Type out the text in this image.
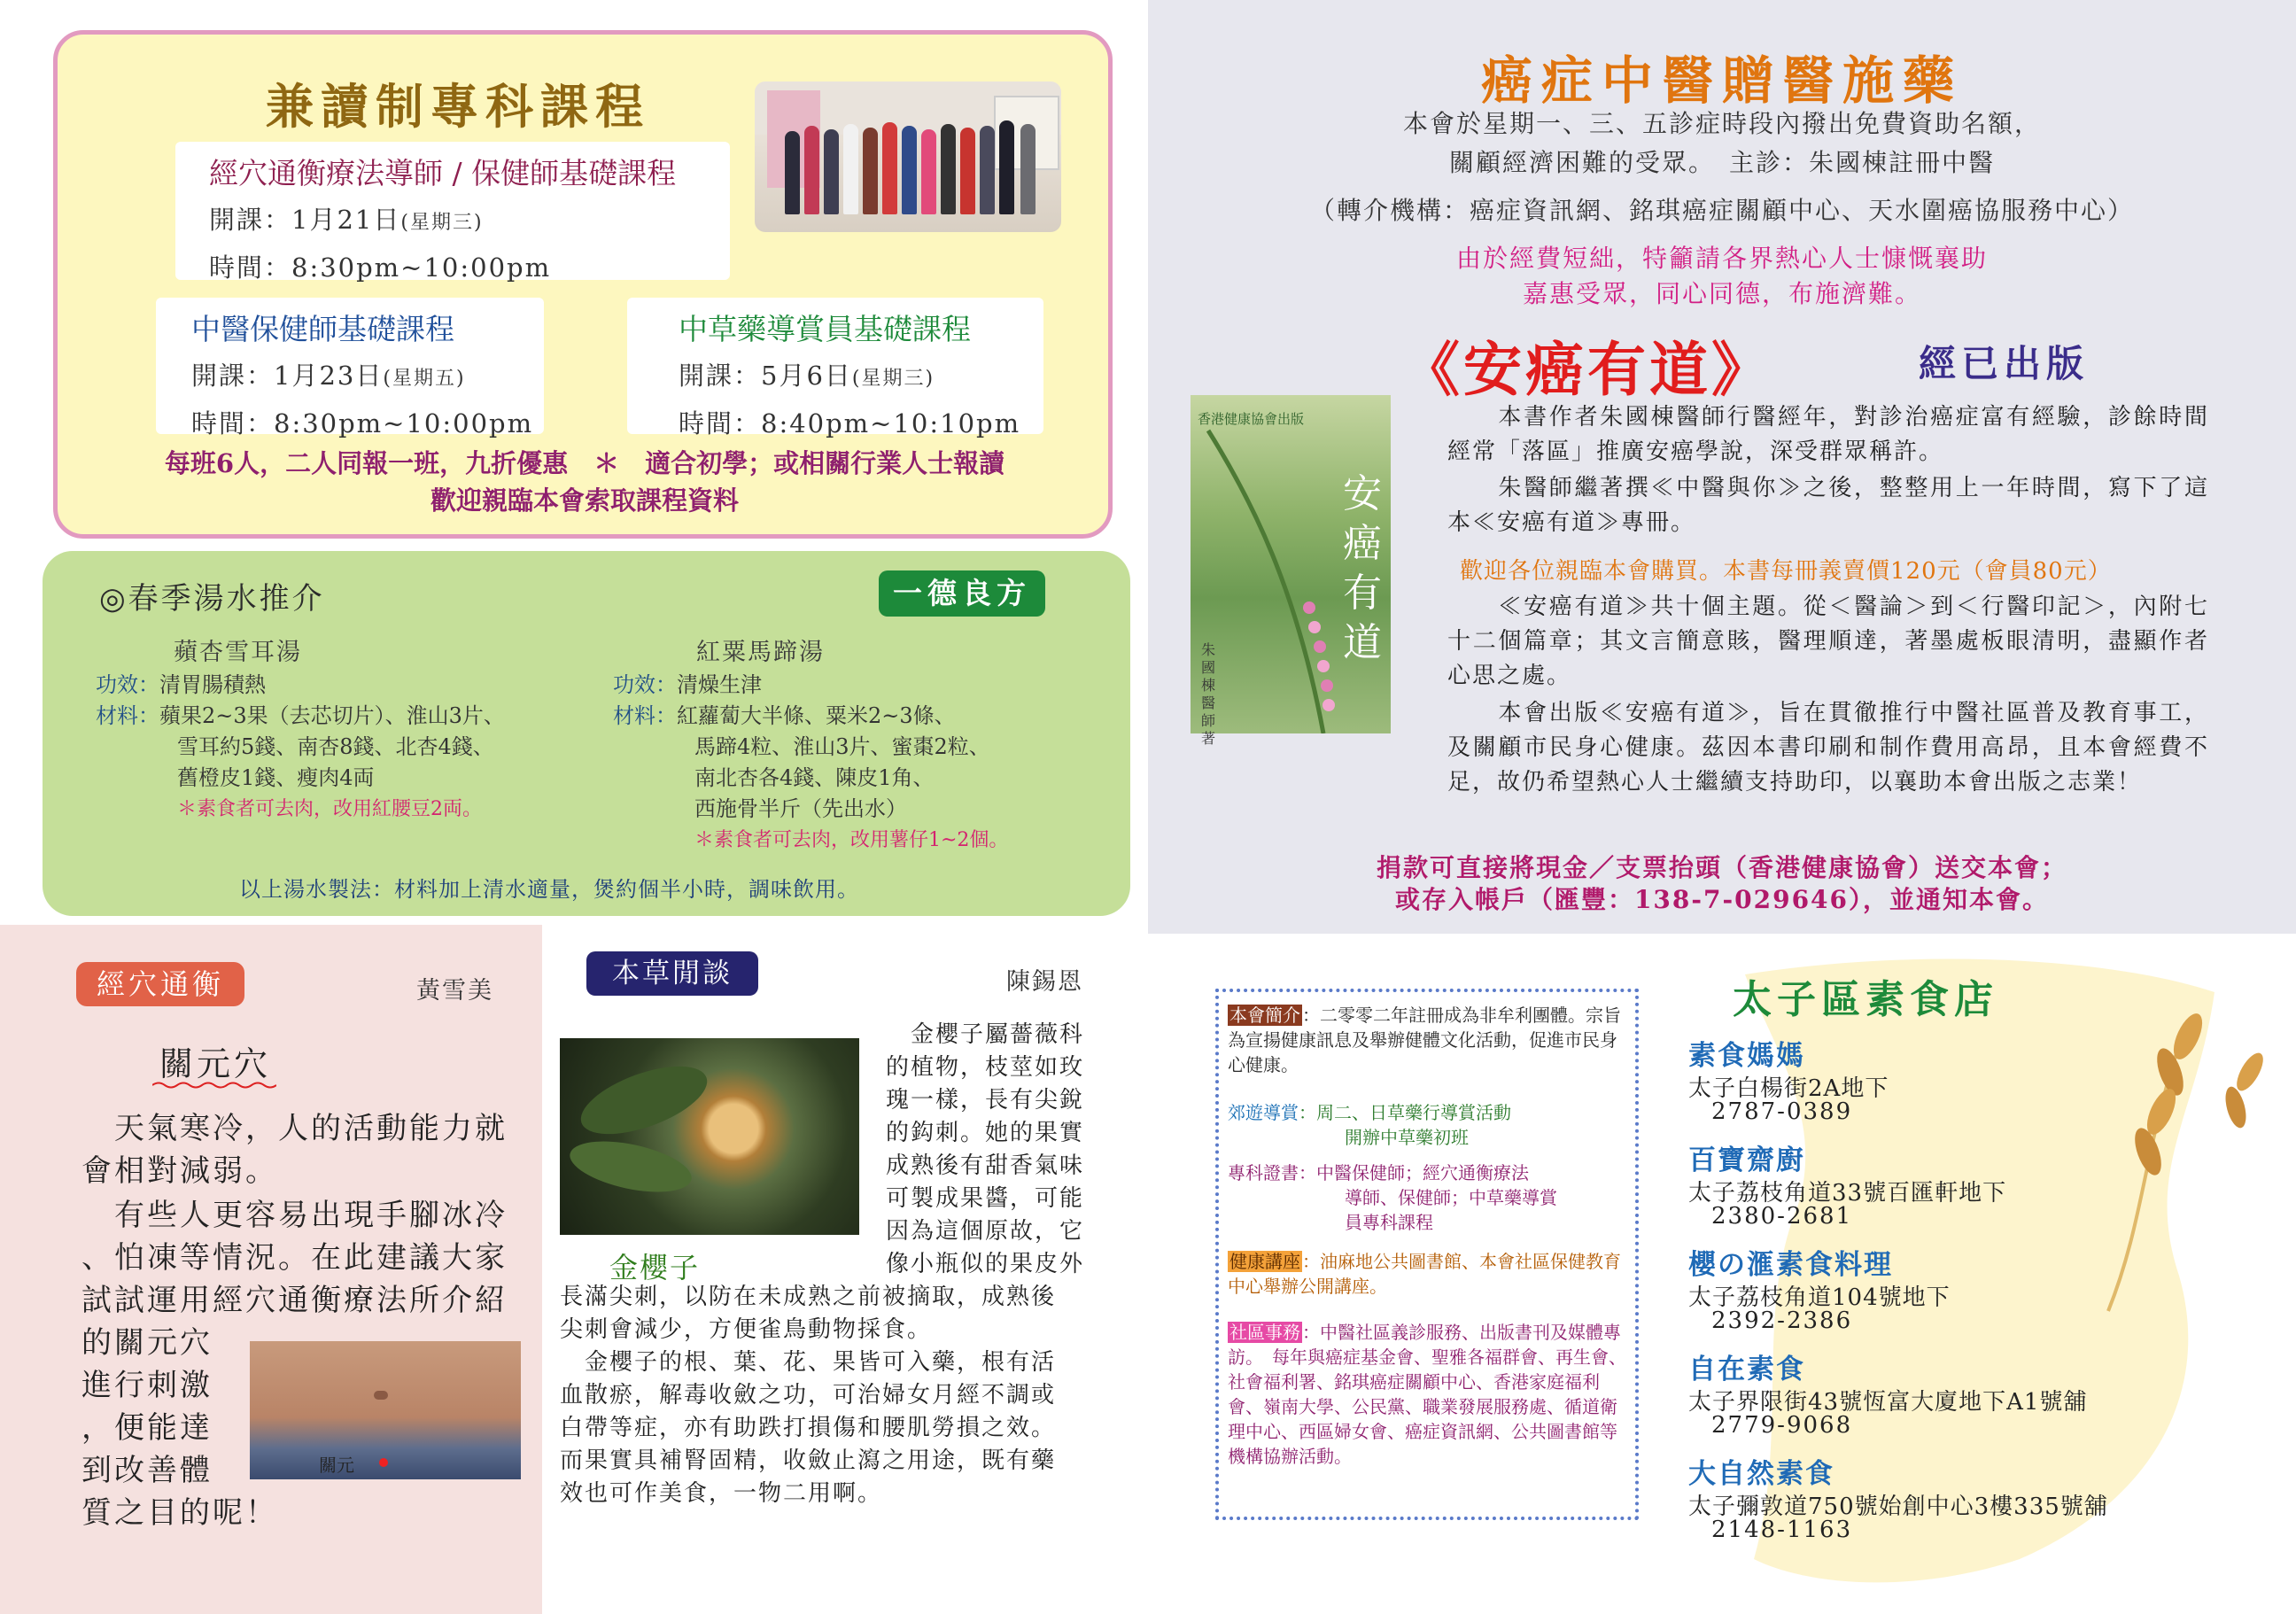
兼讀制專科課程
經穴通衡療法導師 / 保健師基礎課程
開課：1月21日(星期三)
時間：8:30pm~10:00pm
中醫保健師基礎課程
開課：1月23日(星期五)
時間：8:30pm~10:00pm
中草藥導賞員基礎課程
開課：5月6日(星期三)
時間：8:40pm~10:10pm
每班6人，二人同報一班，九折優惠　＊　適合初學；或相關行業人士報讀
歡迎親臨本會索取課程資料
◎春季湯水推介	一德良方
蘋杏雪耳湯
功效：清胃腸積熱
材料：蘋果2~3果（去芯切片）、淮山3片、
雪耳約5錢、南杏8錢、北杏4錢、
舊橙皮1錢、瘦肉4両
＊素食者可去肉，改用紅腰豆2両。
紅粟馬蹄湯
功效：清燥生津
材料：紅蘿蔔大半條、粟米2~3條、
馬蹄4粒、淮山3片、蜜棗2粒、
南北杏各4錢、陳皮1角、
西施骨半斤（先出水）
＊素食者可去肉，改用薯仔1~2個。
以上湯水製法：材料加上清水適量，煲約個半小時，調味飲用。
癌症中醫贈醫施藥
本會於星期一、三、五診症時段內撥出免費資助名額，
關顧經濟困難的受眾。　主診：朱國棟註冊中醫
（轉介機構：癌症資訊網、銘琪癌症關顧中心、天水圍癌協服務中心）
由於經費短絀，特籲請各界熱心人士慷慨襄助
嘉惠受眾，同心同德，布施濟難。
《安癌有道》	經已出版
香港健康協會出版
安癌有道
朱國棟醫師 著
　　本書作者朱國棟醫師行醫經年，對診治癌症富有經驗，診餘時間經常「落區」推廣安癌學說，深受群眾稱許。
　　朱醫師繼著撰≪中醫與你≫之後，整整用上一年時間，寫下了這本≪安癌有道≫專冊。
歡迎各位親臨本會購買。本書每冊義賣價120元（會員80元）
　　≪安癌有道≫共十個主題。從＜醫論＞到＜行醫印記＞，內附七十二個篇章；其文言簡意賅，醫理順達，著墨處板眼清明，盡顯作者心思之處。
　　本會出版≪安癌有道≫，旨在貫徹推行中醫社區普及教育事工，及關顧市民身心健康。茲因本書印刷和制作費用高昂，且本會經費不足，故仍希望熱心人士繼續支持助印，以襄助本會出版之志業！
捐款可直接將現金／支票抬頭（香港健康協會）送交本會；
或存入帳戶（匯豐：138-7-029646），並通知本會。
經穴通衡	黃雪美
關元穴
　天氣寒冷，人的活動能力就
會相對減弱。
　有些人更容易出現手腳冰冷
、怕凍等情況。在此建議大家
試試運用經穴通衡療法所介紹
的關元穴
進行刺激
，便能達
到改善體
質之目的呢！
關元
本草閒談	陳錫恩
金櫻子
　金櫻子屬薔薇科
的植物，枝莖如玫
瑰一樣，長有尖銳
的鈎刺。她的果實
成熟後有甜香氣味
可製成果醬，可能
因為這個原故，它
像小瓶似的果皮外
長滿尖刺，以防在未成熟之前被摘取，成熟後
尖刺會減少，方便雀鳥動物採食。
　金櫻子的根、葉、花、果皆可入藥，根有活
血散瘀，解毒收斂之功，可治婦女月經不調或
白帶等症，亦有助跌打損傷和腰肌勞損之效。
而果實具補腎固精，收斂止瀉之用途，既有藥
效也可作美食，一物二用啊。
本會簡介 ：二零零二年註冊成為非牟利團體。宗旨為宣揚健康訊息及舉辦健體文化活動，促進市民身心健康。
郊遊導賞：周二、日草藥行導賞活動
開辦中草藥初班
專科證書：中醫保健師；經穴通衡療法
導師、保健師；中草藥導賞
員專科課程
健康講座 ：油麻地公共圖書館、本會社區保健教育中心舉辦公開講座。
社區事務 ：中醫社區義診服務、出版書刊及媒體專訪。　每年與癌症基金會、聖雅各福群會、再生會、社會福利署、銘琪癌症關顧中心、香港家庭福利會、嶺南大學、公民黨、職業發展服務處、循道衛理中心、西區婦女會、癌症資訊網、公共圖書館等機構協辦活動。
太子區素食店
素食媽媽
太子白楊街2A地下
2787-0389
百寶齋廚
太子荔枝角道33號百匯軒地下
2380-2681
櫻の滙素食料理
太子荔枝角道104號地下
2392-2386
自在素食
太子界限街43號恆富大廈地下A1號舖
2779-9068
大自然素食
太子彌敦道750號始創中心3樓335號舖
2148-1163
